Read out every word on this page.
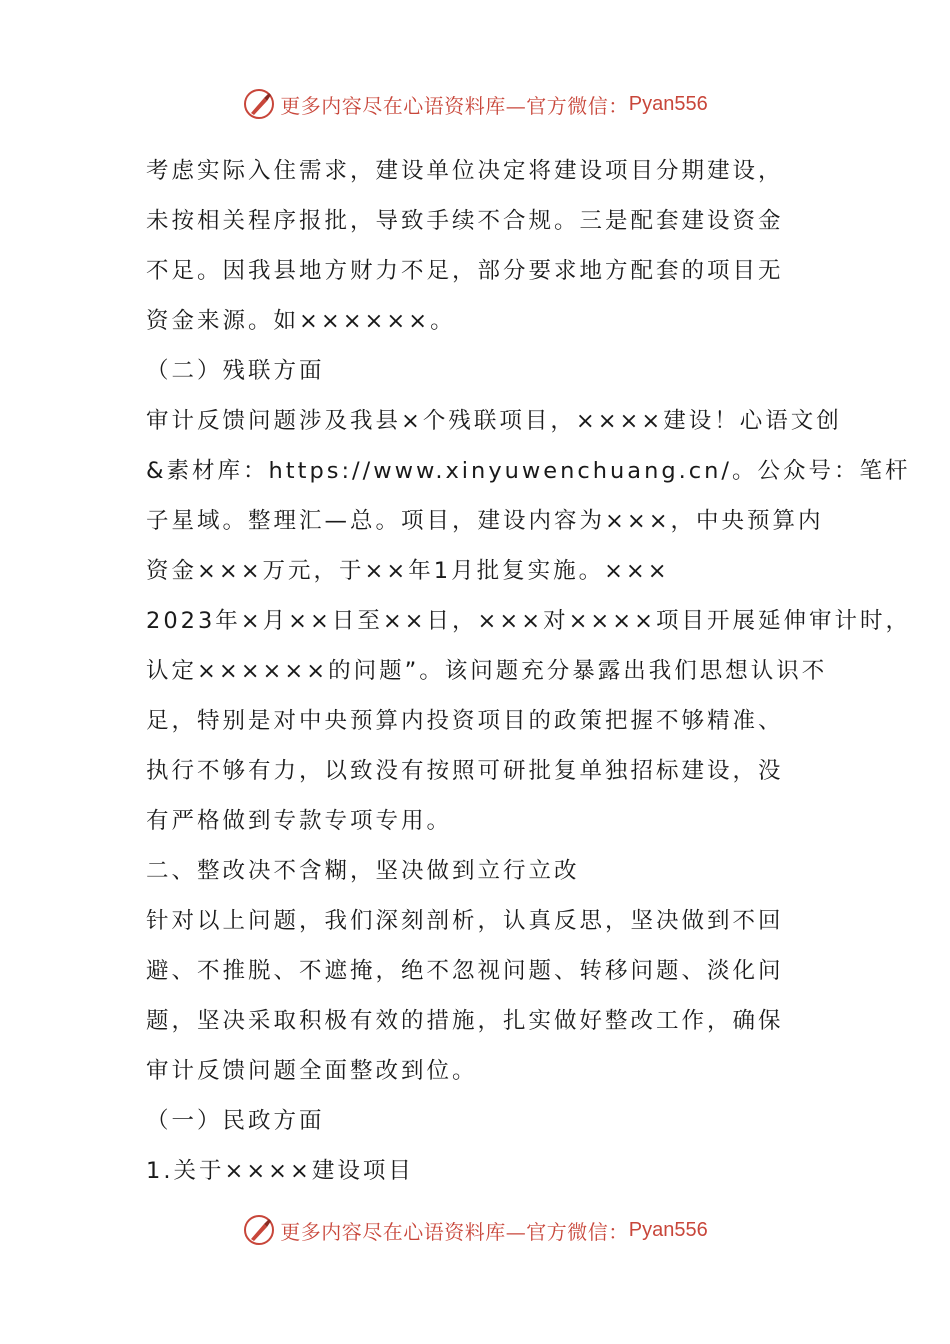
更多内容尽在心语资料库—官方微信： Pyan556
考虑实际入住需求，建设单位决定将建设项目分期建设，
未按相关程序报批，导致手续不合规。三是配套建设资金
不足。因我县地方财力不足，部分要求地方配套的项目无
资金来源。如××××××。
（二）残联方面
审计反馈问题涉及我县×个残联项目，××××建设！心语文创
&素材库：https://www.xinyuwenchuang.cn/。公众号：笔杆
子星域。整理汇—总。项目，建设内容为×××，中央预算内
资金×××万元，于××年1月批复实施。×××
2023年×月××日至××日，×××对××××项目开展延伸审计时，
认定××××××的问题”。该问题充分暴露出我们思想认识不
足，特别是对中央预算内投资项目的政策把握不够精准、
执行不够有力，以致没有按照可研批复单独招标建设，没
有严格做到专款专项专用。
二、整改决不含糊，坚决做到立行立改
针对以上问题，我们深刻剖析，认真反思，坚决做到不回
避、不推脱、不遮掩，绝不忽视问题、转移问题、淡化问
题，坚决采取积极有效的措施，扎实做好整改工作，确保
审计反馈问题全面整改到位。
（一）民政方面
1.关于××××建设项目
更多内容尽在心语资料库—官方微信： Pyan556
